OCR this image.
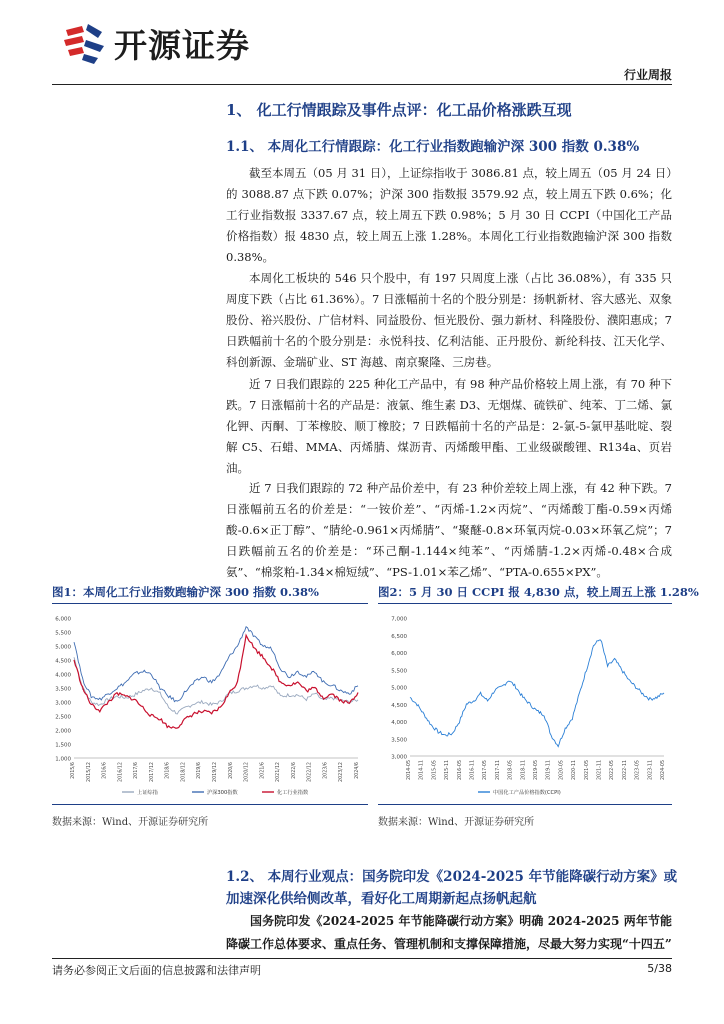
开源证券
行业周报
1、 化工行情跟踪及事件点评：化工品价格涨跌互现
1.1、 本周化工行情跟踪：化工行业指数跑输沪深 300 指数 0.38%
截至本周五（05 月 31 日），上证综指收于 3086.81 点，较上周五（05 月 24 日）的 3088.87 点下跌 0.07%；沪深 300 指数报 3579.92 点，较上周五下跌 0.6%；化工行业指数报 3337.67 点，较上周五下跌 0.98%；5 月 30 日 CCPI（中国化工产品价格指数）报 4830 点，较上周五上涨 1.28%。本周化工行业指数跑输沪深 300 指数 0.38%。
本周化工板块的 546 只个股中，有 197 只周度上涨（占比 36.08%），有 335 只周度下跌（占比 61.36%）。7 日涨幅前十名的个股分别是：扬帆新材、容大感光、双象股份、裕兴股份、广信材料、同益股份、恒光股份、强力新材、科隆股份、濮阳惠成；7 日跌幅前十名的个股分别是：永悦科技、亿利洁能、正丹股份、新纶科技、江天化学、科创新源、金瑞矿业、ST 海越、南京聚隆、三房巷。
近 7 日我们跟踪的 225 种化工产品中，有 98 种产品价格较上周上涨，有 70 种下跌。7 日涨幅前十名的产品是：液氯、维生素 D3、无烟煤、硫铁矿、纯苯、丁二烯、氯化钾、丙酮、丁苯橡胶、顺丁橡胶；7 日跌幅前十名的产品是：2-氯-5-氯甲基吡啶、裂解 C5、石蜡、MMA、丙烯腈、煤沥青、丙烯酸甲酯、工业级碳酸锂、R134a、页岩油。
近 7 日我们跟踪的 72 种产品价差中，有 23 种价差较上周上涨，有 42 种下跌。7 日涨幅前五名的价差是：“一铵价差”、“丙烯-1.2×丙烷”、“丙烯酸丁酯-0.59×丙烯酸-0.6×正丁醇”、“腈纶-0.961×丙烯腈”、“聚醚-0.8×环氧丙烷-0.03×环氧乙烷”；7 日跌幅前五名的价差是：“环己酮-1.144×纯苯”、“丙烯腈-1.2×丙烯-0.48×合成氨”、“棉浆粕-1.34×棉短绒”、“PS-1.01×苯乙烯”、“PTA-0.655×PX”。
图1：本周化工行业指数跑输沪深 300 指数 0.38%
1,000
1,500
2,000
2,500
3,000
3,500
4,000
4,500
5,000
5,500
6,000
2015/6 2015/12 2016/6 2016/12 2017/6 2017/12 2018/6 2018/12 2019/6 2019/12 2020/6 2020/12 2021/6 2021/12 2022/6 2022/12 2023/6 2023/12 2024/6
上证综指	沪深300指数	化工行业指数
数据来源：Wind、开源证券研究所
图2：5 月 30 日 CCPI 报 4,830 点，较上周五上涨 1.28%
3,000
3,500
4,000
4,500
5,000
5,500
6,000
6,500
7,000
2014-05 2014-11 2015-05 2015-11 2016-05 2016-11 2017-05 2017-11 2018-05 2018-11 2019-05 2019-11 2020-05 2020-11 2021-05 2021-11 2022-05 2022-11 2023-05 2023-11 2024-05
中国化工产品价格指数(CCPI)
数据来源：Wind、开源证券研究所
1.2、 本周行业观点：国务院印发《2024-2025 年节能降碳行动方案》或加速深化供给侧改革，看好化工周期新起点扬帆起航
国务院印发《2024-2025 年节能降碳行动方案》明确 2024-2025 两年节能降碳工作总体要求、重点任务、管理机制和支撑保障措施，尽最大努力实现“十四五”
请务必参阅正文后面的信息披露和法律声明	5/38
